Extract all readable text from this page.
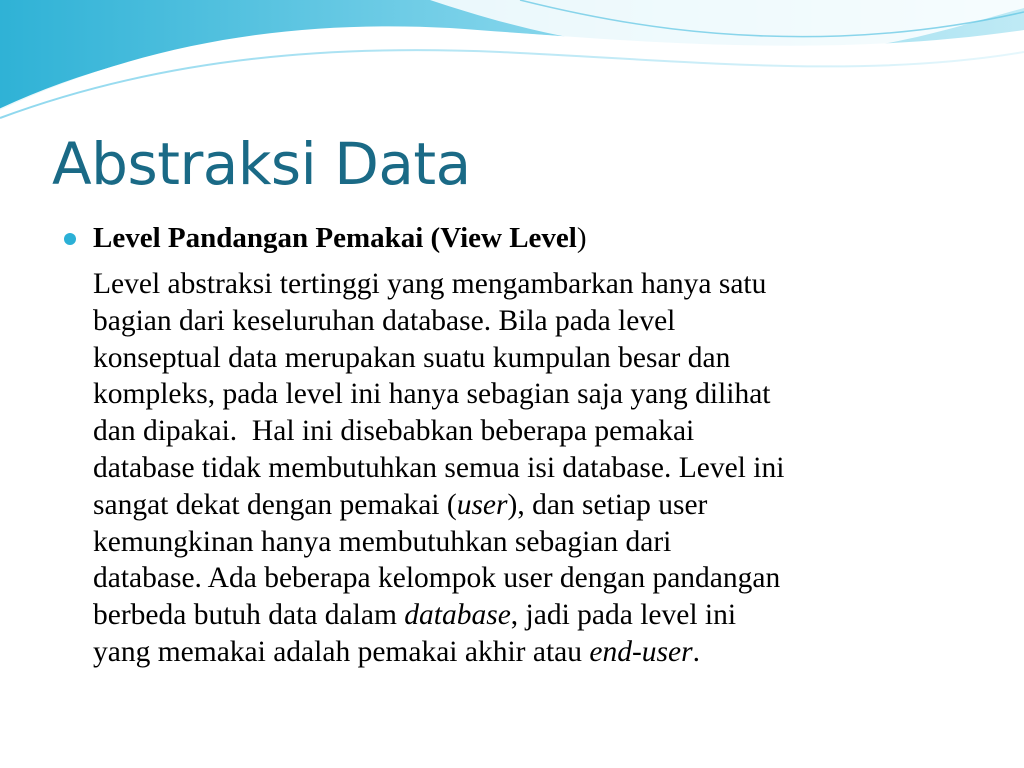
Abstraksi Data
Level Pandangan Pemakai (View Level)
Level abstraksi tertinggi yang mengambarkan hanya satu
bagian dari keseluruhan database. Bila pada level
konseptual data merupakan suatu kumpulan besar dan
kompleks, pada level ini hanya sebagian saja yang dilihat
dan dipakai.  Hal ini disebabkan beberapa pemakai
database tidak membutuhkan semua isi database. Level ini
sangat dekat dengan pemakai (user), dan setiap user
kemungkinan hanya membutuhkan sebagian dari
database. Ada beberapa kelompok user dengan pandangan
berbeda butuh data dalam database, jadi pada level ini
yang memakai adalah pemakai akhir atau end-user.
